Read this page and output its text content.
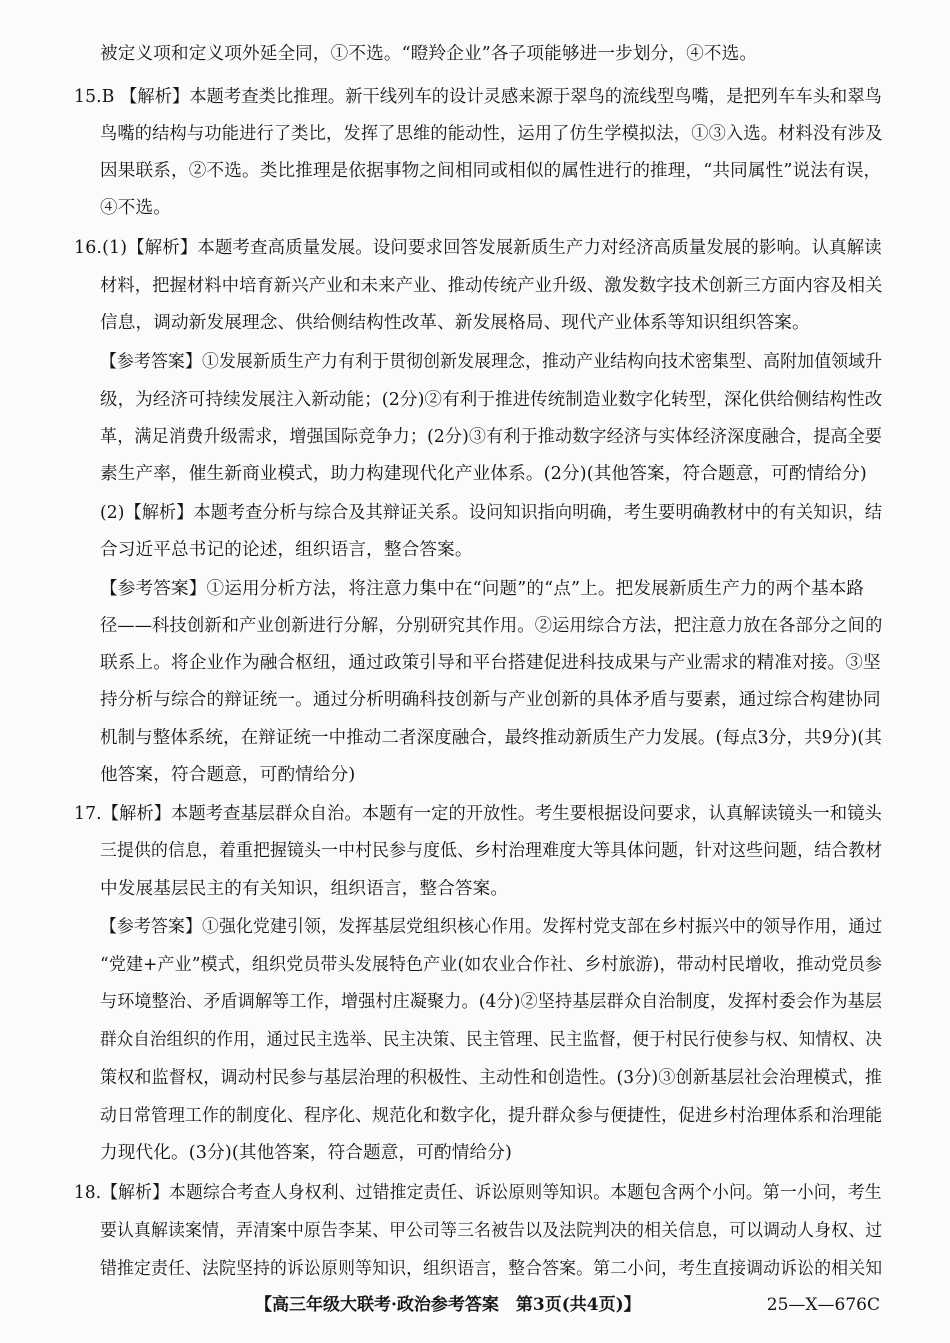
被定义项和定义项外延全同，①不选。“瞪羚企业”各子项能够进一步划分，④不选。
15.B 【解析】本题考查类比推理。新干线列车的设计灵感来源于翠鸟的流线型鸟嘴，是把列车车头和翠鸟
鸟嘴的结构与功能进行了类比，发挥了思维的能动性，运用了仿生学模拟法，①③入选。材料没有涉及
因果联系，②不选。类比推理是依据事物之间相同或相似的属性进行的推理，“共同属性”说法有误，
④不选。
16.(1)【解析】本题考查高质量发展。设问要求回答发展新质生产力对经济高质量发展的影响。认真解读
材料，把握材料中培育新兴产业和未来产业、推动传统产业升级、激发数字技术创新三方面内容及相关
信息，调动新发展理念、供给侧结构性改革、新发展格局、现代产业体系等知识组织答案。
【参考答案】①发展新质生产力有利于贯彻创新发展理念，推动产业结构向技术密集型、高附加值领域升
级，为经济可持续发展注入新动能；(2分)②有利于推进传统制造业数字化转型，深化供给侧结构性改
革，满足消费升级需求，增强国际竞争力；(2分)③有利于推动数字经济与实体经济深度融合，提高全要
素生产率，催生新商业模式，助力构建现代化产业体系。(2分)(其他答案，符合题意，可酌情给分)
(2)【解析】本题考查分析与综合及其辩证关系。设问知识指向明确，考生要明确教材中的有关知识，结
合习近平总书记的论述，组织语言，整合答案。
【参考答案】①运用分析方法，将注意力集中在“问题”的“点”上。把发展新质生产力的两个基本路
径——科技创新和产业创新进行分解，分别研究其作用。②运用综合方法，把注意力放在各部分之间的
联系上。将企业作为融合枢纽，通过政策引导和平台搭建促进科技成果与产业需求的精准对接。③坚
持分析与综合的辩证统一。通过分析明确科技创新与产业创新的具体矛盾与要素，通过综合构建协同
机制与整体系统，在辩证统一中推动二者深度融合，最终推动新质生产力发展。(每点3分，共9分)(其
他答案，符合题意，可酌情给分)
17.【解析】本题考查基层群众自治。本题有一定的开放性。考生要根据设问要求，认真解读镜头一和镜头
三提供的信息，着重把握镜头一中村民参与度低、乡村治理难度大等具体问题，针对这些问题，结合教材
中发展基层民主的有关知识，组织语言，整合答案。
【参考答案】①强化党建引领，发挥基层党组织核心作用。发挥村党支部在乡村振兴中的领导作用，通过
“党建+产业”模式，组织党员带头发展特色产业(如农业合作社、乡村旅游)，带动村民增收，推动党员参
与环境整治、矛盾调解等工作，增强村庄凝聚力。(4分)②坚持基层群众自治制度，发挥村委会作为基层
群众自治组织的作用，通过民主选举、民主决策、民主管理、民主监督，便于村民行使参与权、知情权、决
策权和监督权，调动村民参与基层治理的积极性、主动性和创造性。(3分)③创新基层社会治理模式，推
动日常管理工作的制度化、程序化、规范化和数字化，提升群众参与便捷性，促进乡村治理体系和治理能
力现代化。(3分)(其他答案，符合题意，可酌情给分)
18.【解析】本题综合考查人身权利、过错推定责任、诉讼原则等知识。本题包含两个小问。第一小问，考生
要认真解读案情，弄清案中原告李某、甲公司等三名被告以及法院判决的相关信息，可以调动人身权、过
错推定责任、法院坚持的诉讼原则等知识，组织语言，整合答案。第二小问，考生直接调动诉讼的相关知
【高三年级大联考·政治参考答案　第3页(共4页)】	25—X—676C
